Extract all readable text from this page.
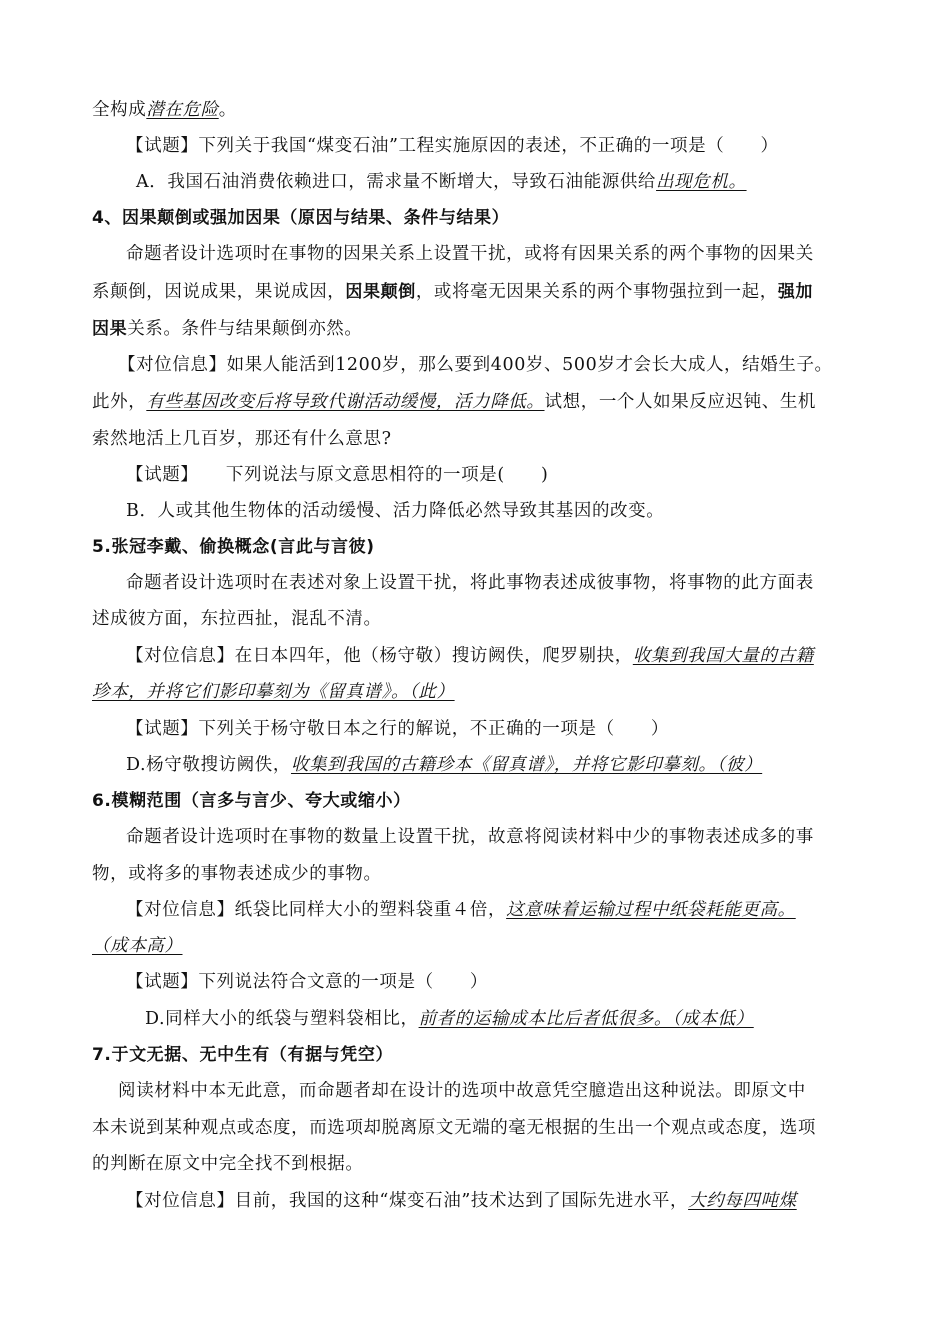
全构成潜在危险。
【试题】下列关于我国“煤变石油”工程实施原因的表述，不正确的一项是（　　）
A．我国石油消费依赖进口，需求量不断增大，导致石油能源供给出现危机。
4、因果颠倒或强加因果（原因与结果、条件与结果）
命题者设计选项时在事物的因果关系上设置干扰，或将有因果关系的两个事物的因果关
系颠倒，因说成果，果说成因，因果颠倒，或将毫无因果关系的两个事物强拉到一起，强加
因果关系。条件与结果颠倒亦然。
【对位信息】如果人能活到1200岁，那么要到400岁、500岁才会长大成人，结婚生子。
此外，有些基因改变后将导致代谢活动缓慢，活力降低。试想，一个人如果反应迟钝、生机
索然地活上几百岁，那还有什么意思?
【试题】　　下列说法与原文意思相符的一项是(　　)
B．人或其他生物体的活动缓慢、活力降低必然导致其基因的改变。
5.张冠李戴、偷换概念(言此与言彼)
命题者设计选项时在表述对象上设置干扰，将此事物表述成彼事物，将事物的此方面表
述成彼方面，东拉西扯，混乱不清。
【对位信息】在日本四年，他（杨守敬）搜访阙佚，爬罗剔抉，收集到我国大量的古籍
珍本，并将它们影印摹刻为《留真谱》。（此）
【试题】下列关于杨守敬日本之行的解说，不正确的一项是（　　）
D.杨守敬搜访阙佚，收集到我国的古籍珍本《留真谱》，并将它影印摹刻。（彼）
6.模糊范围（言多与言少、夸大或缩小）
命题者设计选项时在事物的数量上设置干扰，故意将阅读材料中少的事物表述成多的事
物，或将多的事物表述成少的事物。
【对位信息】纸袋比同样大小的塑料袋重４倍，这意味着运输过程中纸袋耗能更高。
（成本高）
【试题】下列说法符合文意的一项是（　　）
D.同样大小的纸袋与塑料袋相比，前者的运输成本比后者低很多。（成本低）
7.于文无据、无中生有（有据与凭空）
阅读材料中本无此意，而命题者却在设计的选项中故意凭空臆造出这种说法。即原文中
本未说到某种观点或态度，而选项却脱离原文无端的毫无根据的生出一个观点或态度，选项
的判断在原文中完全找不到根据。
【对位信息】目前，我国的这种“煤变石油”技术达到了国际先进水平，大约每四吨煤
